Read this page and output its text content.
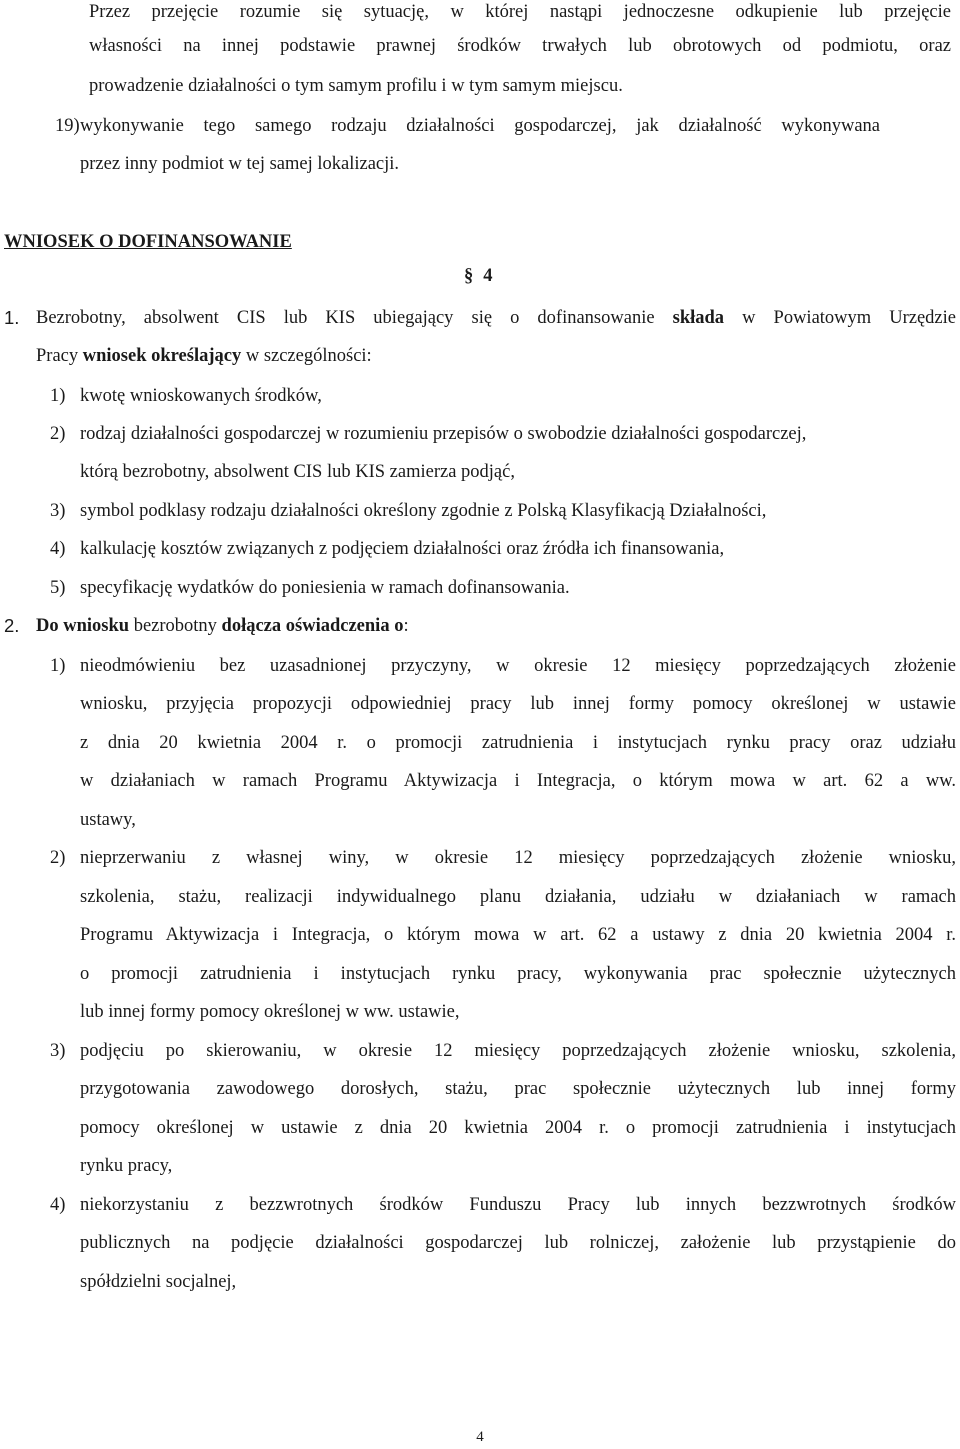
Przez przejęcie rozumie się sytuację, w której nastąpi jednoczesne odkupienie lub przejęcie
własności na innej podstawie prawnej środków trwałych lub obrotowych od podmiotu, oraz
prowadzenie działalności o tym samym profilu i w tym samym miejscu.
19) wykonywanie tego samego rodzaju działalności gospodarczej, jak działalność wykonywana
przez inny podmiot w tej samej lokalizacji.
WNIOSEK O DOFINANSOWANIE
§ 4
1. Bezrobotny, absolwent CIS lub KIS ubiegający się o dofinansowanie składa w Powiatowym Urzędzie
Pracy wniosek określający w szczególności:
1) kwotę wnioskowanych środków,
2) rodzaj działalności gospodarczej w rozumieniu przepisów o swobodzie działalności gospodarczej,
którą bezrobotny, absolwent CIS lub KIS zamierza podjąć,
3) symbol podklasy rodzaju działalności określony zgodnie z Polską Klasyfikacją Działalności,
4) kalkulację kosztów związanych z podjęciem działalności oraz źródła ich finansowania,
5) specyfikację wydatków do poniesienia w ramach dofinansowania.
2. Do wniosku bezrobotny dołącza oświadczenia o:
1) nieodmówieniu bez uzasadnionej przyczyny, w okresie 12 miesięcy poprzedzających złożenie
wniosku, przyjęcia propozycji odpowiedniej pracy lub innej formy pomocy określonej w ustawie
z dnia 20 kwietnia 2004 r. o promocji zatrudnienia i instytucjach rynku pracy oraz udziału
w działaniach w ramach Programu Aktywizacja i Integracja, o którym mowa w art. 62 a ww.
ustawy,
2) nieprzerwaniu z własnej winy, w okresie 12 miesięcy poprzedzających złożenie wniosku,
szkolenia, stażu, realizacji indywidualnego planu działania, udziału w działaniach w ramach
Programu Aktywizacja i Integracja, o którym mowa w art. 62 a ustawy z dnia 20 kwietnia 2004 r.
o promocji zatrudnienia i instytucjach rynku pracy, wykonywania prac społecznie użytecznych
lub innej formy pomocy określonej w ww. ustawie,
3) podjęciu po skierowaniu, w okresie 12 miesięcy poprzedzających złożenie wniosku, szkolenia,
przygotowania zawodowego dorosłych, stażu, prac społecznie użytecznych lub innej formy
pomocy określonej w ustawie z dnia 20 kwietnia 2004 r. o promocji zatrudnienia i instytucjach
rynku pracy,
4) niekorzystaniu z bezzwrotnych środków Funduszu Pracy lub innych bezzwrotnych środków
publicznych na podjęcie działalności gospodarczej lub rolniczej, założenie lub przystąpienie do
spółdzielni socjalnej,
4
